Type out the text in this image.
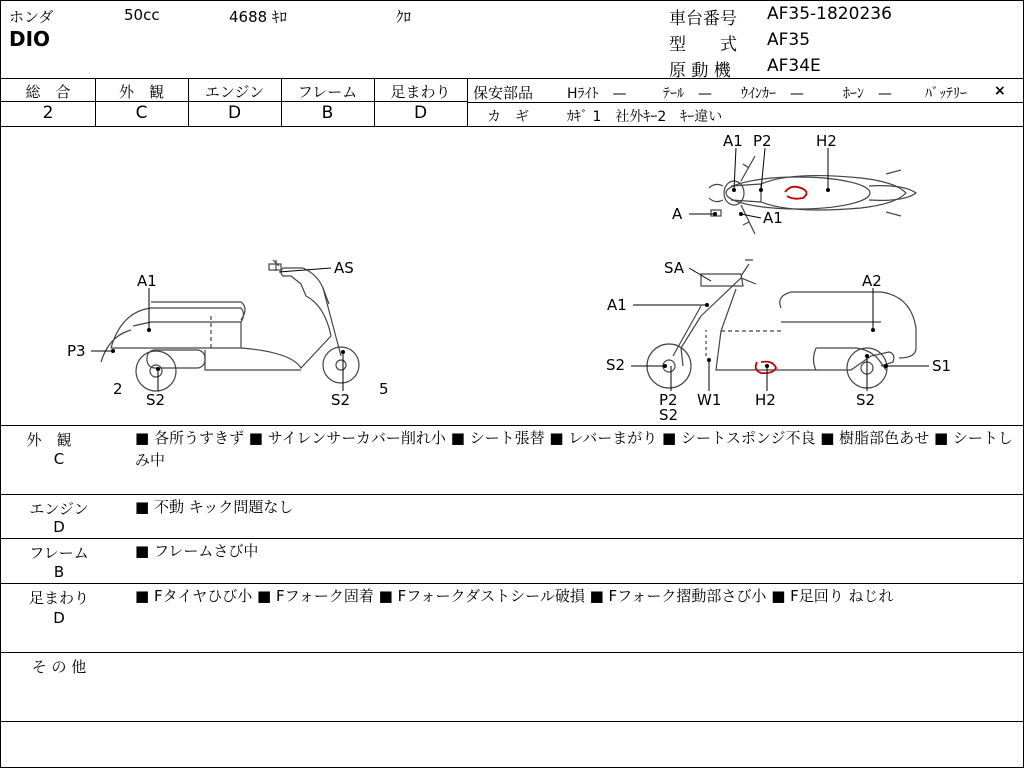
ホンダ	50cc	4688 ｷﾛ	ｸﾛ
DIO
車台番号 AF35-1820236
型　　式 AF35
原 動 機 AF34E
総　合
2
外　観
C
エンジン
D
フレーム
B
足まわり
D
保安部品 Hﾗｲﾄ　—	ﾃｰﾙ　— ｳｲﾝｶｰ　—	ﾎｰﾝ　— ﾊﾞｯﾃﾘｰ ×
カ　ギ	ｶｷﾞ 1　社外ｷｰ2　ｷｰ違い
A1 P2	H2
A	A1
A1
AS
P3
2
S2	S2
5
SA
A1
A2
S2	S1
P2
S2
W1 H2	S2
外　観
C
■ 各所うすきず ■ サイレンサーカバー削れ小 ■ シート張替 ■ レバーまがり ■ シートスポンジ不良 ■ 樹脂部色あせ ■ シートしみ中
エンジン
D
■ 不動 キック問題なし
フレーム
B
■ フレームさび中
足まわり
D
■ Fタイヤひび小 ■ Fフォーク固着 ■ Fフォークダストシール破損 ■ Fフォーク摺動部さび小 ■ F足回り ねじれ
そ の 他
